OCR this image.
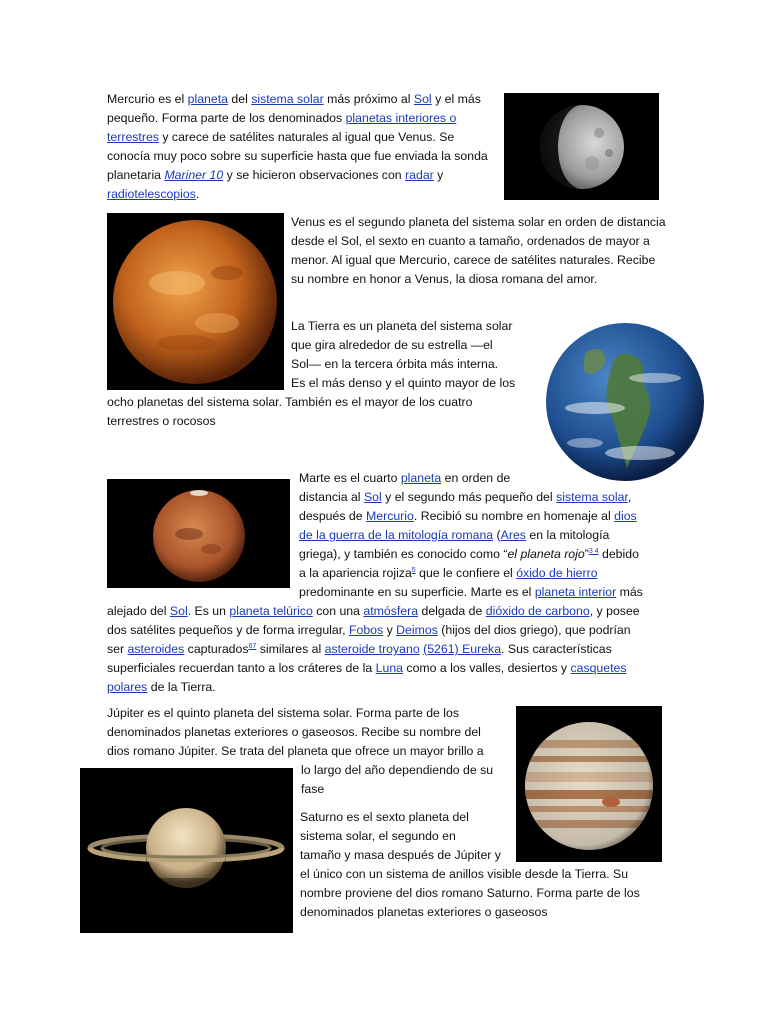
Mercurio es el planeta del sistema solar más próximo al Sol y el más pequeño. Forma parte de los denominados planetas interiores o terrestres y carece de satélites naturales al igual que Venus. Se conocía muy poco sobre su superficie hasta que fue enviada la sonda planetaria Mariner 10 y se hicieron observaciones con radar y radiotelescopios.
Venus es el segundo planeta del sistema solar en orden de distancia desde el Sol, el sexto en cuanto a tamaño, ordenados de mayor a menor. Al igual que Mercurio, carece de satélites naturales. Recibe su nombre en honor a Venus, la diosa romana del amor.
La Tierra es un planeta del sistema solar
que gira alrededor de su estrella —el
Sol— en la tercera órbita más interna.
Es el más denso y el quinto mayor de los
ocho planetas del sistema solar. También es el mayor de los cuatro
terrestres o rocosos
Marte es el cuarto planeta en orden de
distancia al Sol y el segundo más pequeño del sistema solar,
después de Mercurio. Recibió su nombre en homenaje al dios
de la guerra de la mitología romana (Ares en la mitología
griega), y también es conocido como “el planeta rojo”$^{3 4}$ debido
a la apariencia rojiza$^5$ que le confiere el óxido de hierro
predominante en su superficie. Marte es el planeta interior más
alejado del Sol. Es un planeta telúrico con una atmósfera delgada de dióxido de carbono, y posee
dos satélites pequeños y de forma irregular, Fobos y Deimos (hijos del dios griego), que podrían
ser asteroides capturados$^{67}$ similares al asteroide troyano (5261) Eureka. Sus características
superficiales recuerdan tanto a los cráteres de la Luna como a los valles, desiertos y casquetes
polares de la Tierra.
Júpiter es el quinto planeta del sistema solar. Forma parte de los
denominados planetas exteriores o gaseosos. Recibe su nombre del
dios romano Júpiter. Se trata del planeta que ofrece un mayor brillo a
lo largo del año dependiendo de su
fase
Saturno es el sexto planeta del
sistema solar, el segundo en
tamaño y masa después de Júpiter y
el único con un sistema de anillos visible desde la Tierra. Su
nombre proviene del dios romano Saturno. Forma parte de los
denominados planetas exteriores o gaseosos
